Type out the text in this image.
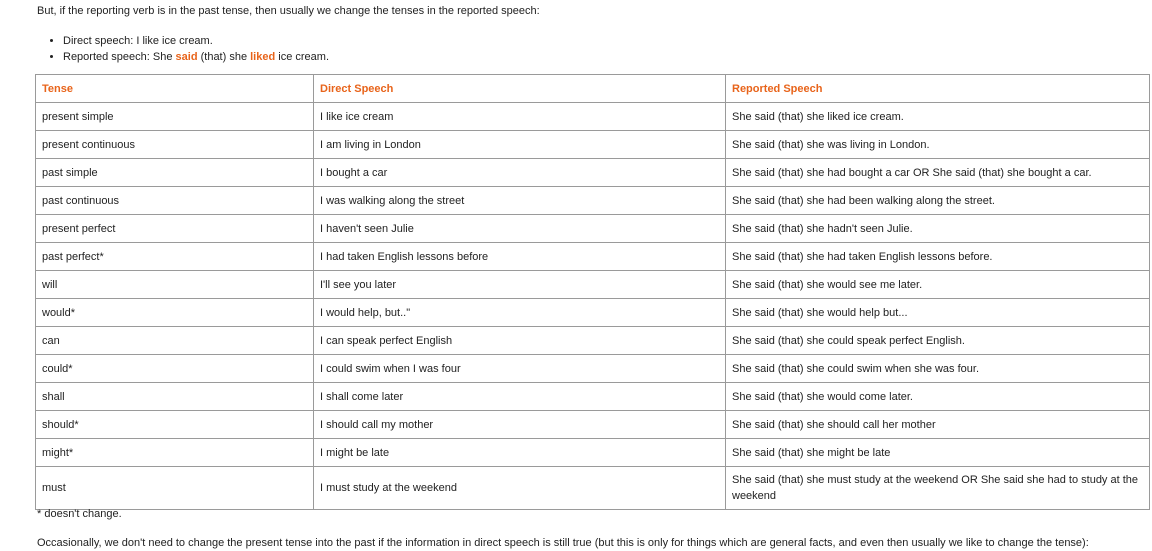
But, if the reporting verb is in the past tense, then usually we change the tenses in the reported speech:

• Direct speech: I like ice cream.
• Reported speech: She said (that) she liked ice cream.
Tense	Direct Speech	Reported Speech
present simple	I like ice cream	She said (that) she liked ice cream.
present continuous	I am living in London	She said (that) she was living in London.
past simple	I bought a car	She said (that) she had bought a car OR She said (that) she bought a car.
past continuous	I was walking along the street	She said (that) she had been walking along the street.
present perfect	I haven't seen Julie	She said (that) she hadn't seen Julie.
past perfect*	I had taken English lessons before	She said (that) she had taken English lessons before.
will	I'll see you later	She said (that) she would see me later.
would*	I would help, but.."	She said (that) she would help but...
can	I can speak perfect English	She said (that) she could speak perfect English.
could*	I could swim when I was four	She said (that) she could swim when she was four.
shall	I shall come later	She said (that) she would come later.
should*	I should call my mother	She said (that) she should call her mother
might*	I might be late	She said (that) she might be late
must	I must study at the weekend	She said (that) she must study at the weekend OR She said she had to study at the weekend

* doesn't change.

Occasionally, we don't need to change the present tense into the past if the information in direct speech is still true (but this is only for things which are general facts, and even then usually we like to change the tense):
